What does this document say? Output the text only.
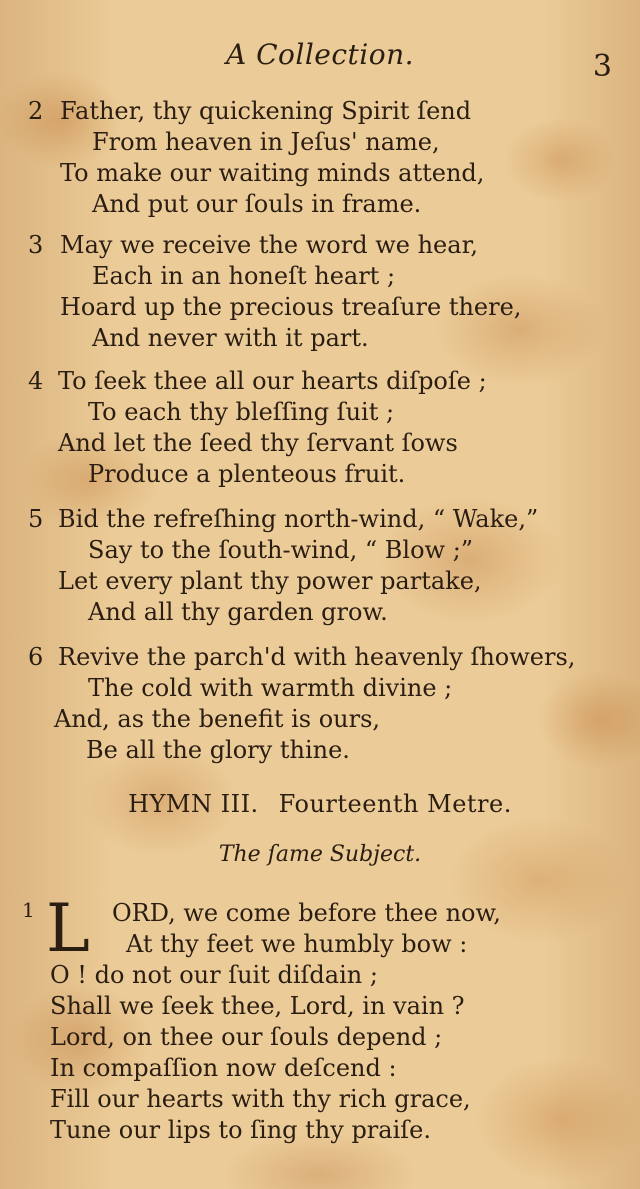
A Collection.	3
2 Father, thy quickening Spirit ſend
From heaven in Jeſus' name,
To make our waiting minds attend,
And put our ſouls in frame.
3 May we receive the word we hear,
Each in an honeſt heart ;
Hoard up the precious treaſure there,
And never with it part.
4 To ſeek thee all our hearts diſpoſe ;
To each thy bleſſing ſuit ;
And let the ſeed thy ſervant ſows
Produce a plenteous fruit.
5 Bid the refreſhing north-wind, “ Wake,”
Say to the ſouth-wind, “ Blow ;”
Let every plant thy power partake,
And all thy garden grow.
6 Revive the parch'd with heavenly ſhowers,
The cold with warmth divine ;
And, as the benefit is ours,
Be all the glory thine.
HYMN III. Fourteenth Metre.
The ſame Subject.
1 L ORD, we come before thee now,
At thy feet we humbly bow :
O ! do not our ſuit diſdain ;
Shall we ſeek thee, Lord, in vain ?
Lord, on thee our ſouls depend ;
In compaſſion now deſcend :
Fill our hearts with thy rich grace,
Tune our lips to ſing thy praiſe.
